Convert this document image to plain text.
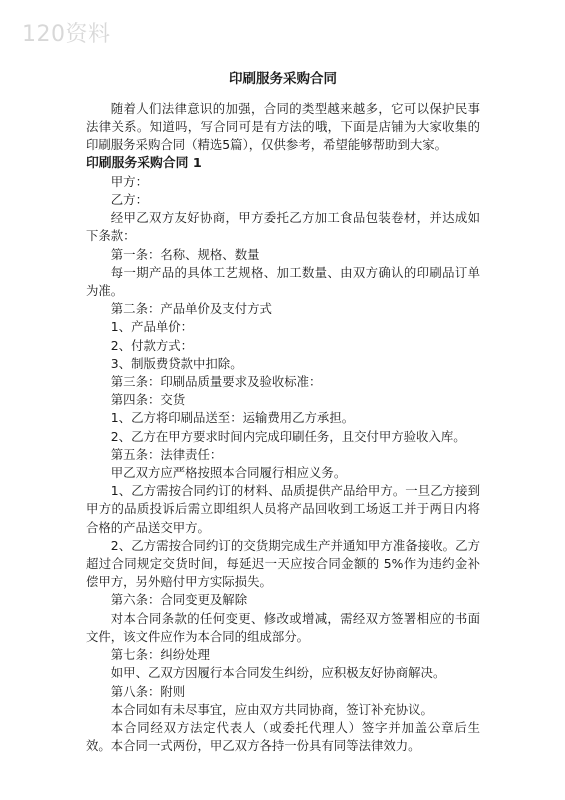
120资料
印刷服务采购合同

随着人们法律意识的加强，合同的类型越来越多，它可以保护民事法律关系。知道吗，写合同可是有方法的哦，下面是店铺为大家收集的印刷服务采购合同（精选5篇），仅供参考，希望能够帮助到大家。

印刷服务采购合同 1

甲方：

乙方：

经甲乙双方友好协商，甲方委托乙方加工食品包装卷材，并达成如下条款：

第一条：名称、规格、数量

每一期产品的具体工艺规格、加工数量、由双方确认的印刷品订单为准。

第二条：产品单价及支付方式

1、产品单价：

2、付款方式：

3、制版费贷款中扣除。

第三条：印刷品质量要求及验收标准：

第四条：交货

1、乙方将印刷品送至：运输费用乙方承担。

2、乙方在甲方要求时间内完成印刷任务，且交付甲方验收入库。

第五条：法律责任：

甲乙双方应严格按照本合同履行相应义务。

1、乙方需按合同约订的材料、品质提供产品给甲方。一旦乙方接到甲方的品质投诉后需立即组织人员将产品回收到工场返工并于两日内将合格的产品送交甲方。

2、乙方需按合同约订的交货期完成生产并通知甲方准备接收。乙方超过合同规定交货时间，每延迟一天应按合同金额的 5%作为违约金补偿甲方，另外赔付甲方实际损失。

第六条：合同变更及解除

对本合同条款的任何变更、修改或增减，需经双方签署相应的书面文件，该文件应作为本合同的组成部分。

第七条：纠纷处理

如甲、乙双方因履行本合同发生纠纷，应积极友好协商解决。

第八条：附则

本合同如有未尽事宜，应由双方共同协商，签订补充协议。

本合同经双方法定代表人（或委托代理人）签字并加盖公章后生效。本合同一式两份，甲乙双方各持一份具有同等法律效力。
